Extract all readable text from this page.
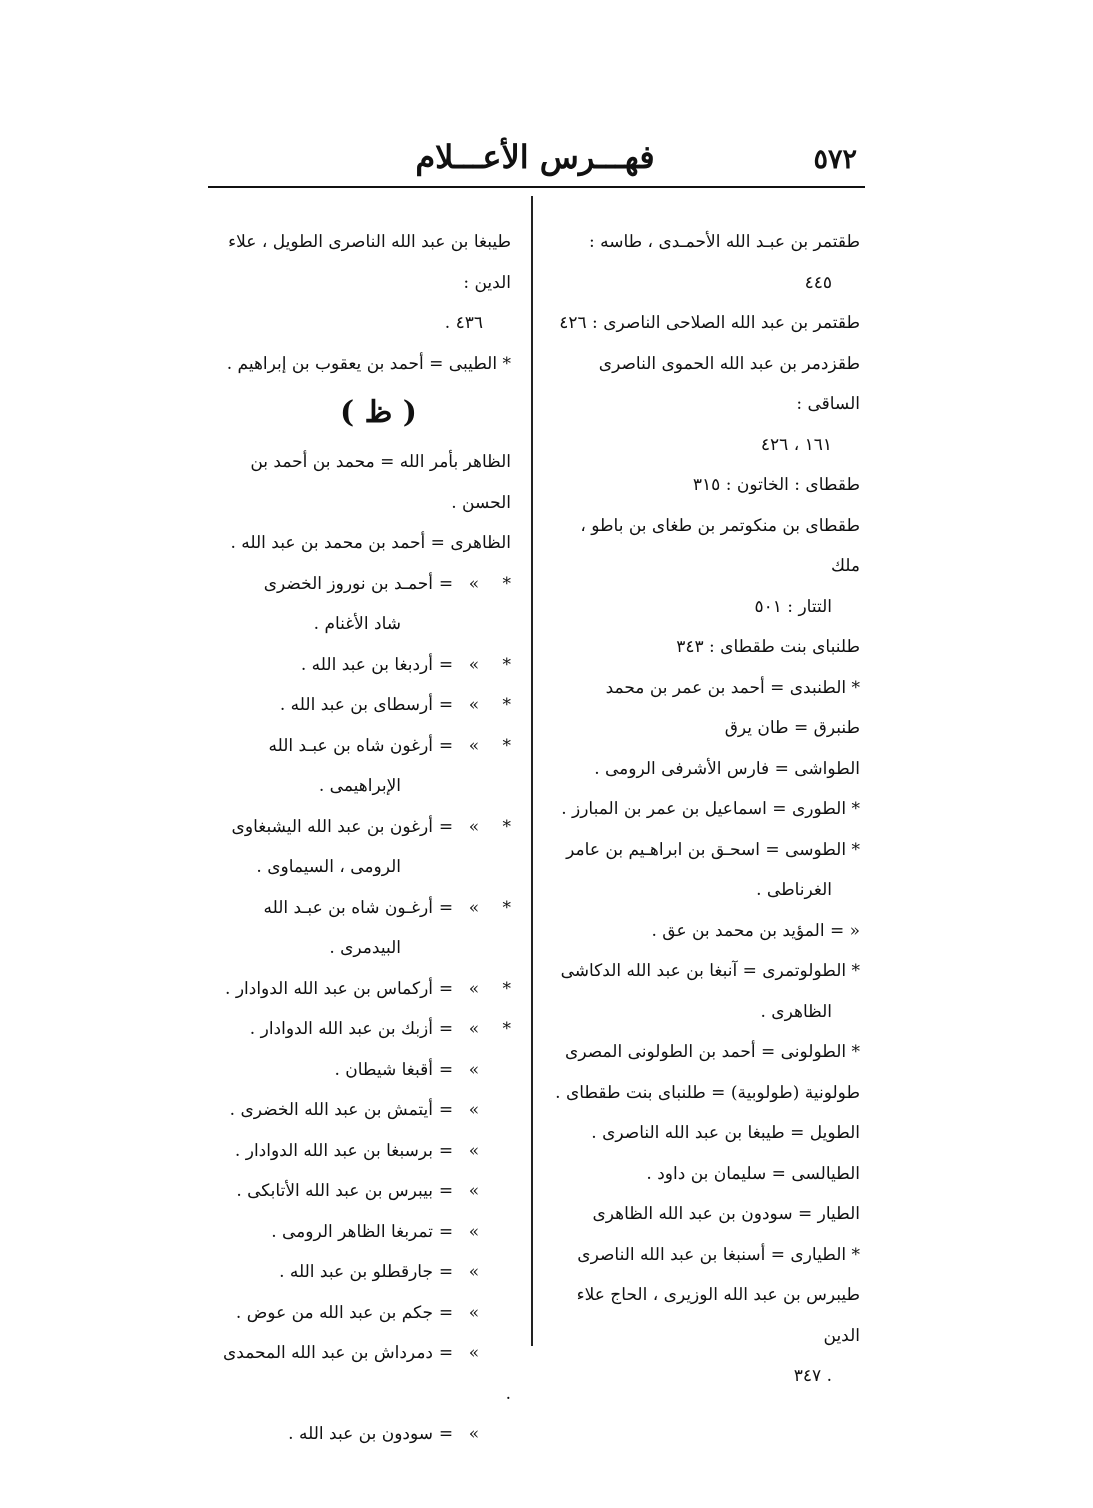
فهـــرس الأعـــلام	٥٧٢
طقتمر بن عبـد الله الأحمـدى ، طاسه :
٤٤٥
طقتمر بن عبد الله الصلاحى الناصرى : ٤٢٦
طقزدمر بن عبد الله الحموى الناصرى الساقى :
١٦١ ، ٤٢٦
طقطاى : الخاتون : ٣١٥
طقطاى بن منكوتمر بن طغاى بن باطو ، ملك
التتار : ٥٠١
طلنباى بنت طقطاى : ٣٤٣
* الطنبدى = أحمد بن عمر بن محمد
طنبرق = طان يرق
الطواشى = فارس الأشرفى الرومى .
* الطورى = اسماعيل بن عمر بن المبارز .
* الطوسى = اسحـق بن ابراهـيم بن عامر
الغرناطى .
« = المؤيد بن محمد بن عق .
* الطولوتمرى = آنبغا بن عبد الله الدكاشى
الظاهرى .
* الطولونى = أحمد بن الطولونى المصرى
طولونية (طولوبية) = طلنباى بنت طقطاى .
الطويل = طيبغا بن عبد الله الناصرى .
الطيالسى = سليمان بن داود .
الطيار = سودون بن عبد الله الظاهرى
* الطيارى = أسنبغا بن عبد الله الناصرى
طيبرس بن عبد الله الوزيرى ، الحاج علاء الدين
. ٣٤٧
طيبغا بن عبد الله الناصرى الطويل ، علاء الدين :
٤٣٦ .
* الطيبى = أحمد بن يعقوب بن إبراهيم .
( ظ )
الظاهر بأمر الله = محمد بن أحمد بن الحسن .
الظاهرى = أحمد بن محمد بن عبد الله .
*»=أحمـد بن نوروز الخضرى
شاد الأغنام .
*»=أردبغا بن عبد الله .
*»=أرسطاى بن عبد الله .
*»=أرغون شاه بن عبـد الله
الإبراهيمى .
*»=أرغون بن عبد الله اليشبغاوى
الرومى ، السيماوى .
*»=أرغـون شاه بن عبـد الله
البيدمرى .
*»=أركماس بن عبد الله الدوادار .
*»=أزبك بن عبد الله الدوادار .
»=أقبغا شيطان .
»=أيتمش بن عبد الله الخضرى .
»=برسبغا بن عبد الله الدوادار .
»=بيبرس بن عبد الله الأتابكى .
»=تمربغا الظاهر الرومى .
»=جارقطلو بن عبد الله .
»=جكم بن عبد الله من عوض .
»=دمرداش بن عبد الله المحمدى .
»=سودون بن عبد الله .
